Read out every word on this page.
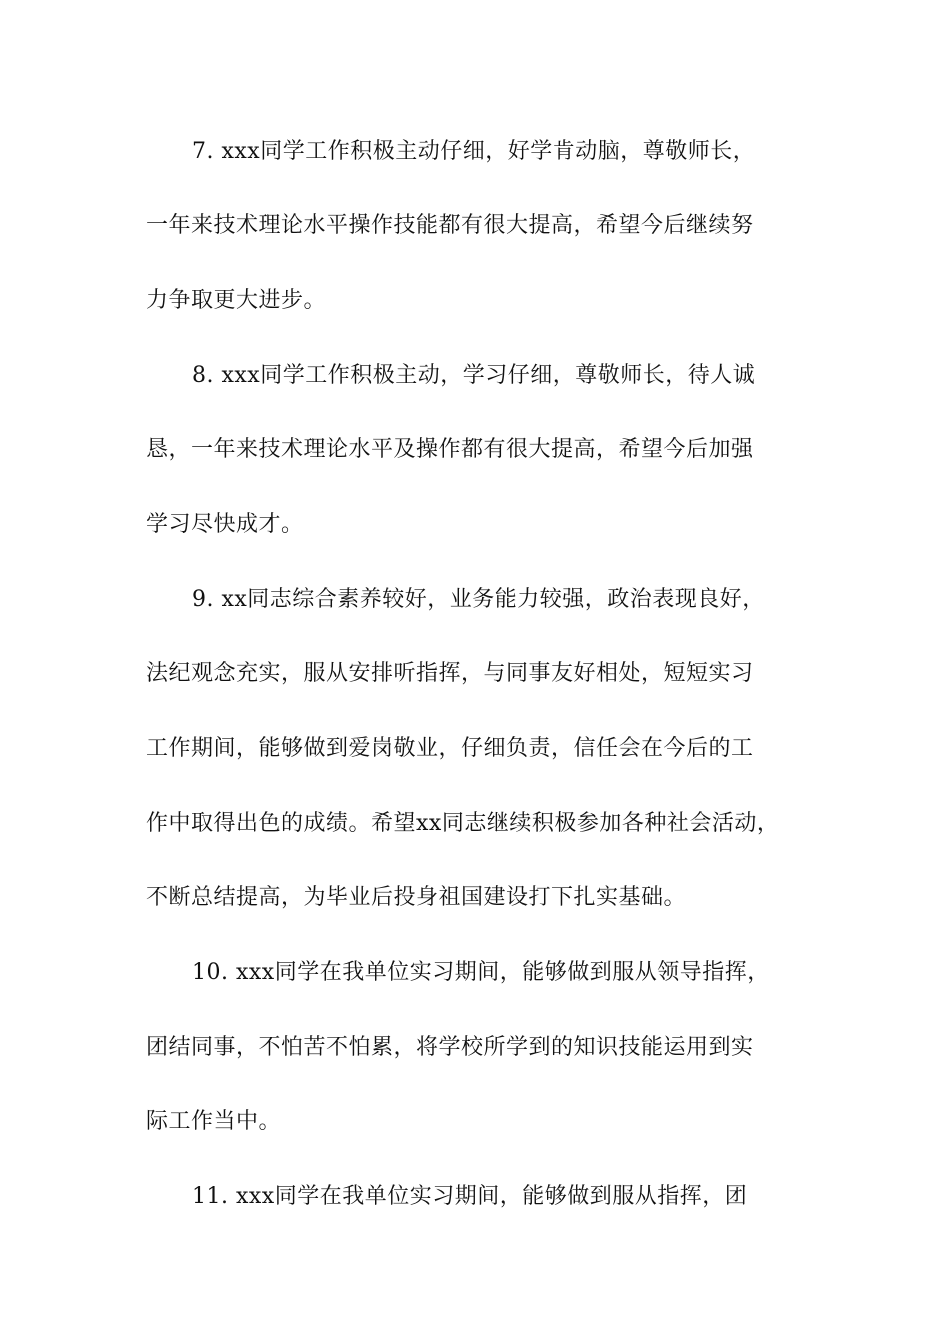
7. xxx同学工作积极主动仔细，好学肯动脑，尊敬师长，
一年来技术理论水平操作技能都有很大提高，希望今后继续努
力争取更大进步。
8. xxx同学工作积极主动，学习仔细，尊敬师长，待人诚
恳，一年来技术理论水平及操作都有很大提高，希望今后加强
学习尽快成才。
9. xx同志综合素养较好，业务能力较强，政治表现良好，
法纪观念充实，服从安排听指挥，与同事友好相处，短短实习
工作期间，能够做到爱岗敬业，仔细负责，信任会在今后的工
作中取得出色的成绩。希望xx同志继续积极参加各种社会活动，
不断总结提高，为毕业后投身祖国建设打下扎实基础。
10. xxx同学在我单位实习期间，能够做到服从领导指挥，
团结同事，不怕苦不怕累，将学校所学到的知识技能运用到实
际工作当中。
11. xxx同学在我单位实习期间，能够做到服从指挥，团
